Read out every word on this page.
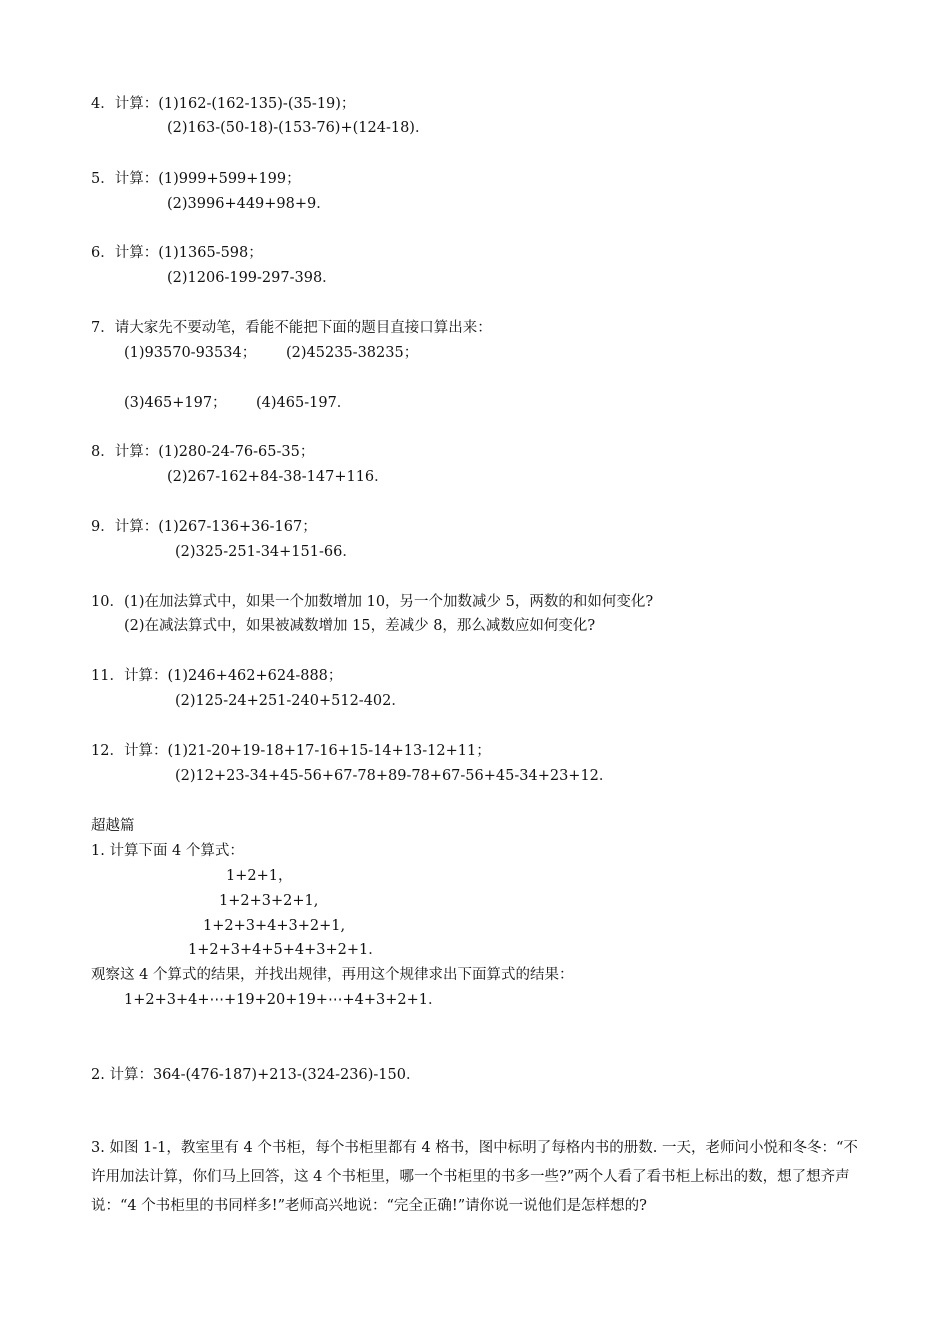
4．计算：(1)162-(162-135)-(35-19)；
(2)163-(50-18)-(153-76)+(124-18)．
5．计算：(1)999+599+199；
(2)3996+449+98+9．
6．计算：(1)1365-598；
(2)1206-199-297-398．
7．请大家先不要动笔，看能不能把下面的题目直接口算出来：
(1)93570-93534； (2)45235-38235；
(3)465+197； (4)465-197．
8．计算：(1)280-24-76-65-35；
(2)267-162+84-38-147+116．
9．计算：(1)267-136+36-167；
(2)325-251-34+151-66．
10．(1)在加法算式中，如果一个加数增加 10，另一个加数减少 5，两数的和如何变化?
(2)在减法算式中，如果被减数增加 15，差减少 8，那么减数应如何变化?
11．计算：(1)246+462+624-888；
(2)125-24+251-240+512-402．
12．计算：(1)21-20+19-18+17-16+15-14+13-12+11；
(2)12+23-34+45-56+67-78+89-78+67-56+45-34+23+12．
超越篇
1. 计算下面 4 个算式：
1+2+1，
1+2+3+2+1,
1+2+3+4+3+2+1,
1+2+3+4+5+4+3+2+1．
观察这 4 个算式的结果，并找出规律，再用这个规律求出下面算式的结果：
1+2+3+4+⋯+19+20+19+⋯+4+3+2+1．
2. 计算：364-(476-187)+213-(324-236)-150．
3. 如图 1-1，教室里有 4 个书柜，每个书柜里都有 4 格书，图中标明了每格内书的册数. 一天，老师问小悦和冬冬：“不许用加法计算，你们马上回答，这 4 个书柜里，哪一个书柜里的书多一些?”两个人看了看书柜上标出的数，想了想齐声说：“4 个书柜里的书同样多!”老师高兴地说：“完全正确!”请你说一说他们是怎样想的?
